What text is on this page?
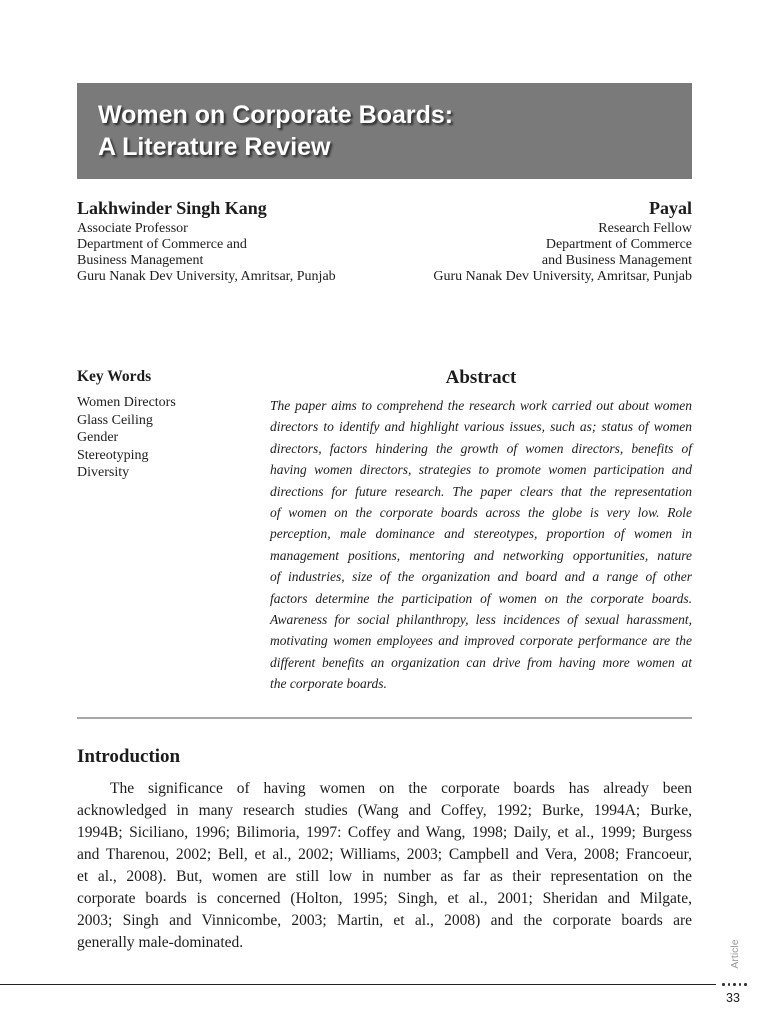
Women on Corporate Boards:
A Literature Review
Lakhwinder Singh Kang
Associate Professor
Department of Commerce and
Business Management
Guru Nanak Dev University, Amritsar, Punjab
Payal
Research Fellow
Department of Commerce
and Business Management
Guru Nanak Dev University, Amritsar, Punjab
Key Words
Women Directors
Glass Ceiling
Gender
Stereotyping
Diversity
Abstract
The paper aims to comprehend the research work carried out about women
directors to identify and highlight various issues, such as; status of women
directors, factors hindering the growth of women directors, benefits of
having women directors, strategies to promote women participation and
directions for future research. The paper clears that the representation
of women on the corporate boards across the globe is very low. Role
perception, male dominance and stereotypes, proportion of women in
management positions, mentoring and networking opportunities, nature
of industries, size of the organization and board and a range of other
factors determine the participation of women on the corporate boards.
Awareness for social philanthropy, less incidences of sexual harassment,
motivating women employees and improved corporate performance are the
different benefits an organization can drive from having more women at
the corporate boards.
Introduction
The significance of having women on the corporate boards has already been
acknowledged in many research studies (Wang and Coffey, 1992; Burke, 1994A; Burke,
1994B; Siciliano, 1996; Bilimoria, 1997: Coffey and Wang, 1998; Daily, et al., 1999; Burgess
and Tharenou, 2002; Bell, et al., 2002; Williams, 2003; Campbell and Vera, 2008; Francoeur,
et al., 2008). But, women are still low in number as far as their representation on the
corporate boards is concerned (Holton, 1995; Singh, et al., 2001; Sheridan and Milgate,
2003; Singh and Vinnicombe, 2003; Martin, et al., 2008) and the corporate boards are
generally male-dominated.	Article
33
